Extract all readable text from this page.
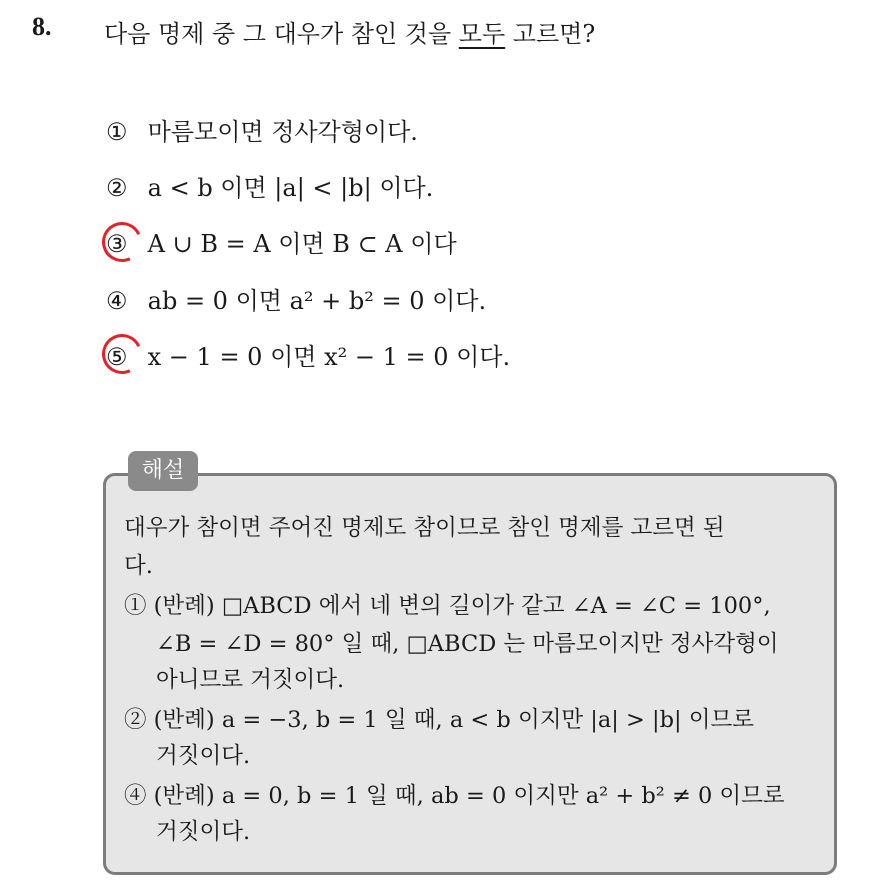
8. 다음 명제 중 그 대우가 참인 것을 모두 고르면?
① 마름모이면 정사각형이다.
② a < b 이면 |a| < |b| 이다.
③ A ∪ B = A 이면 B ⊂ A 이다
④ ab = 0 이면 a² + b² = 0 이다.
⑤ x − 1 = 0 이면 x² − 1 = 0 이다.
해설
대우가 참이면 주어진 명제도 참이므로 참인 명제를 고르면 된
다.
① (반례) □ABCD 에서 네 변의 길이가 같고 ∠A = ∠C = 100°,
∠B = ∠D = 80° 일 때, □ABCD 는 마름모이지만 정사각형이
아니므로 거짓이다.
② (반례) a = −3, b = 1 일 때, a < b 이지만 |a| > |b| 이므로
거짓이다.
④ (반례) a = 0, b = 1 일 때, ab = 0 이지만 a² + b² ≠ 0 이므로
거짓이다.
